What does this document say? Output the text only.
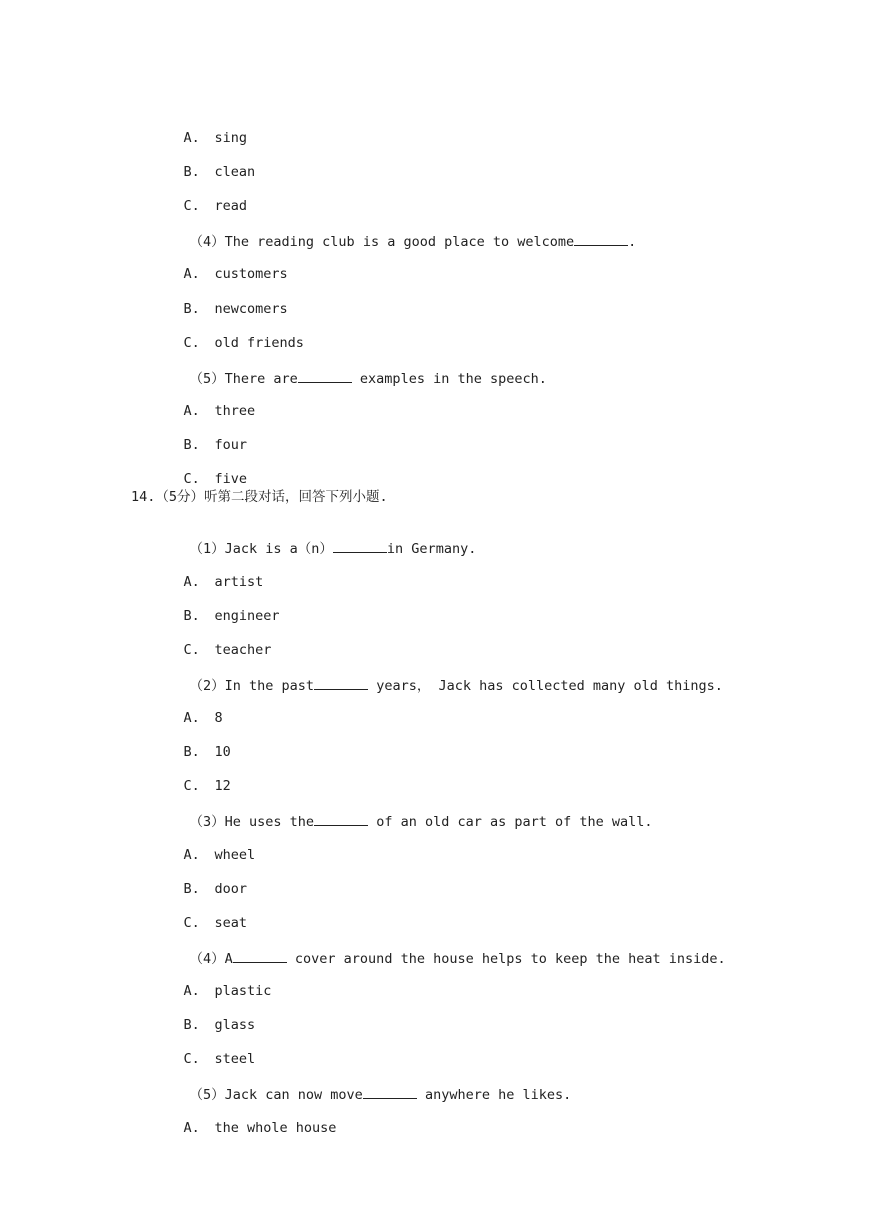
A. sing

B. clean

C. read

（4）The reading club is a good place to welcome	.

A. customers

B. newcomers

C. old friends

（5）There are	examples in the speech.

A. three

B. four

C. five

14.（5分）听第二段对话，回答下列小题.

（1）Jack is a（n）	in Germany.

A. artist

B. engineer

C. teacher

（2）In the past	years， Jack has collected many old things.

A. 8

B. 10

C. 12

（3）He uses the	of an old car as part of the wall.

A. wheel

B. door

C. seat

（4）A	cover around the house helps to keep the heat inside.

A. plastic

B. glass

C. steel

（5）Jack can now move	anywhere he likes.

A. the whole house
